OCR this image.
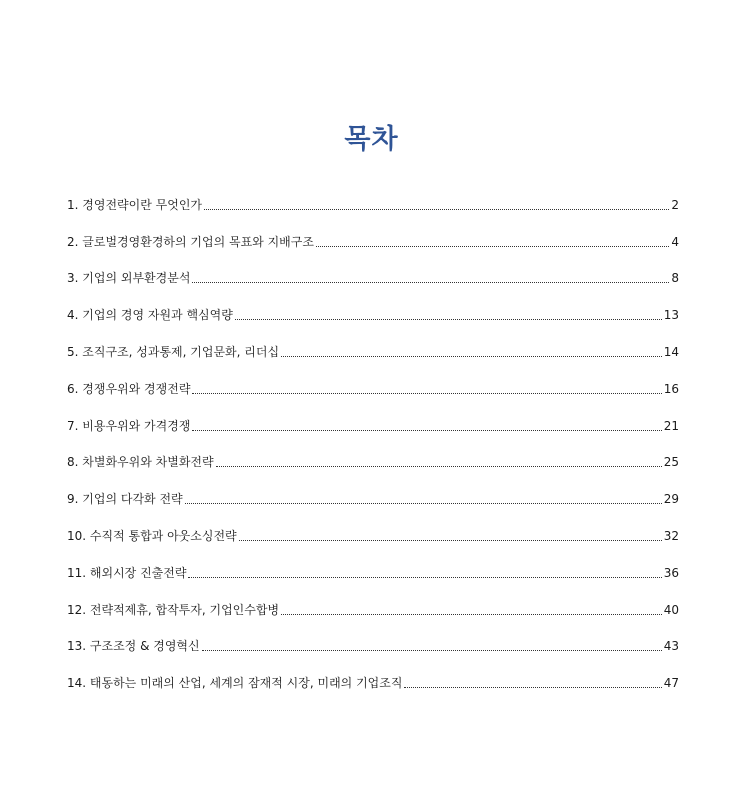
목차
1. 경영전략이란 무엇인가	2
2. 글로벌경영환경하의 기업의 목표와 지배구조	4
3. 기업의 외부환경분석	8
4. 기업의 경영 자원과 핵심역량	13
5. 조직구조, 성과통제, 기업문화, 리더십	14
6. 경쟁우위와 경쟁전략	16
7. 비용우위와 가격경쟁	21
8. 차별화우위와 차별화전략	25
9. 기업의 다각화 전략	29
10. 수직적 통합과 아웃소싱전략	32
11. 해외시장 진출전략	36
12. 전략적제휴, 합작투자, 기업인수합병	40
13. 구조조정 & 경영혁신	43
14. 태동하는 미래의 산업, 세계의 잠재적 시장, 미래의 기업조직	47
